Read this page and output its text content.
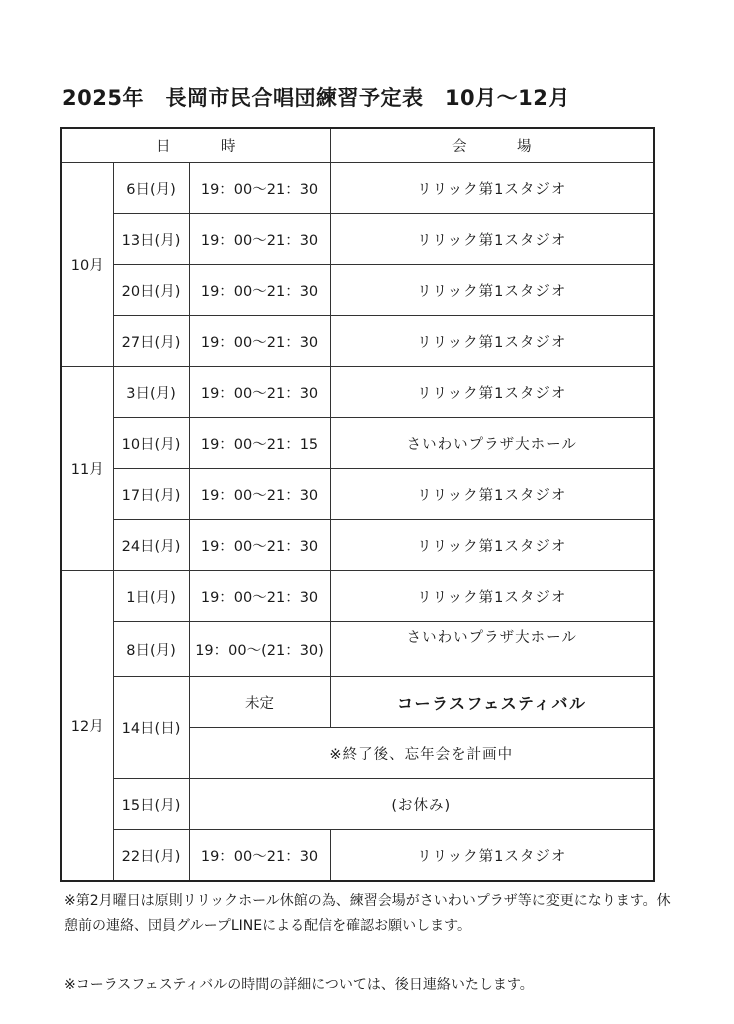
2025年　長岡市民合唱団練習予定表　10月～12月
日　時			会　場
10月	6日(月)	19：00～21：30	リリック第1スタジオ
	13日(月)	19：00～21：30	リリック第1スタジオ
	20日(月)	19：00～21：30	リリック第1スタジオ
	27日(月)	19：00～21：30	リリック第1スタジオ
11月	3日(月)	19：00～21：30	リリック第1スタジオ
	10日(月)	19：00～21：15	さいわいプラザ大ホール
	17日(月)	19：00～21：30	リリック第1スタジオ
	24日(月)	19：00～21：30	リリック第1スタジオ
12月	1日(月)	19：00～21：30	リリック第1スタジオ
	8日(月)	19：00～(21：30)	さいわいプラザ大ホール
	14日(日)	未定	コーラスフェスティバル
		※終了後、忘年会を計画中	
	15日(月)	(お休み)	
	22日(月)	19：00～21：30	リリック第1スタジオ
※第2月曜日は原則リリックホール休館の為、練習会場がさいわいプラザ等に変更になります。休憩前の連絡、団員グループLINEによる配信を確認お願いします。
※コーラスフェスティバルの時間の詳細については、後日連絡いたします。
